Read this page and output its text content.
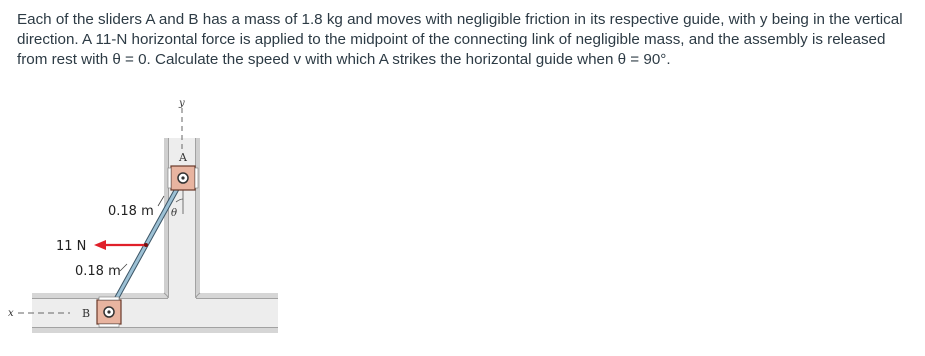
Each of the sliders A and B has a mass of 1.8 kg and moves with negligible friction in its respective guide, with y being in the vertical

direction. A 11-N horizontal force is applied to the midpoint of the connecting link of negligible mass, and the assembly is released

from rest with θ = 0. Calculate the speed v with which A strikes the horizontal guide when θ = 90°.

y
x
θ
A
B
11 N
0.18 m
0.18 m
